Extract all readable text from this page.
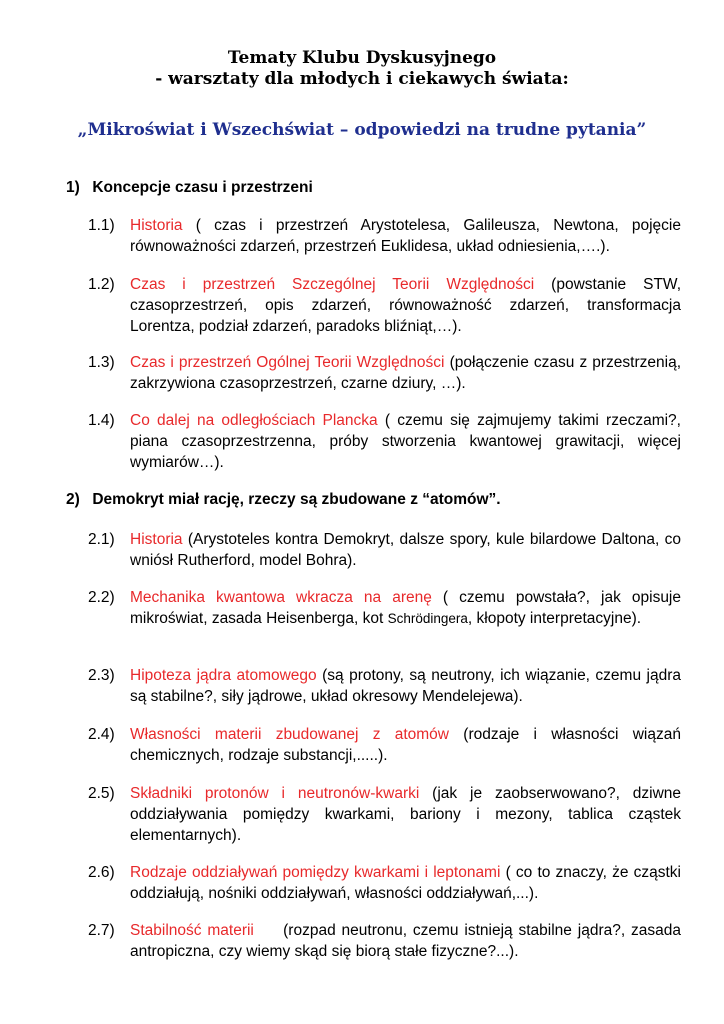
Tematy Klubu Dyskusyjnego
- warsztaty dla młodych i ciekawych świata:
„Mikroświat i Wszechświat – odpowiedzi na trudne pytania”
1) Koncepcje czasu i przestrzeni
1.1) Historia ( czas i przestrzeń Arystotelesa, Galileusza, Newtona, pojęcie równoważności zdarzeń, przestrzeń Euklidesa, układ odniesienia,….).
1.2) Czas i przestrzeń Szczególnej Teorii Względności (powstanie STW, czasoprzestrzeń, opis zdarzeń, równoważność zdarzeń, transformacja Lorentza, podział zdarzeń, paradoks bliźniąt,…).
1.3) Czas i przestrzeń Ogólnej Teorii Względności (połączenie czasu z przestrzenią, zakrzywiona czasoprzestrzeń, czarne dziury, …).
1.4) Co dalej na odległościach Plancka ( czemu się zajmujemy takimi rzeczami?, piana czasoprzestrzenna, próby stworzenia kwantowej grawitacji, więcej wymiarów…).
2) Demokryt miał rację, rzeczy są zbudowane z “atomów”.
2.1) Historia (Arystoteles kontra Demokryt, dalsze spory, kule bilardowe Daltona, co wniósł Rutherford, model Bohra).
2.2) Mechanika kwantowa wkracza na arenę ( czemu powstała?, jak opisuje mikroświat, zasada Heisenberga, kot Schrödingera, kłopoty interpretacyjne).
2.3) Hipoteza jądra atomowego (są protony, są neutrony, ich wiązanie, czemu jądra są stabilne?, siły jądrowe, układ okresowy Mendelejewa).
2.4) Własności materii zbudowanej z atomów (rodzaje i własności wiązań chemicznych, rodzaje substancji,.....).
2.5) Składniki protonów i neutronów-kwarki (jak je zaobserwowano?, dziwne oddziaływania pomiędzy kwarkami, bariony i mezony, tablica cząstek elementarnych).
2.6) Rodzaje oddziaływań pomiędzy kwarkami i leptonami ( co to znaczy, że cząstki oddziałują, nośniki oddziaływań, własności oddziaływań,...).
2.7) Stabilność materii     (rozpad neutronu, czemu istnieją stabilne jądra?, zasada antropiczna, czy wiemy skąd się biorą stałe fizyczne?...).
